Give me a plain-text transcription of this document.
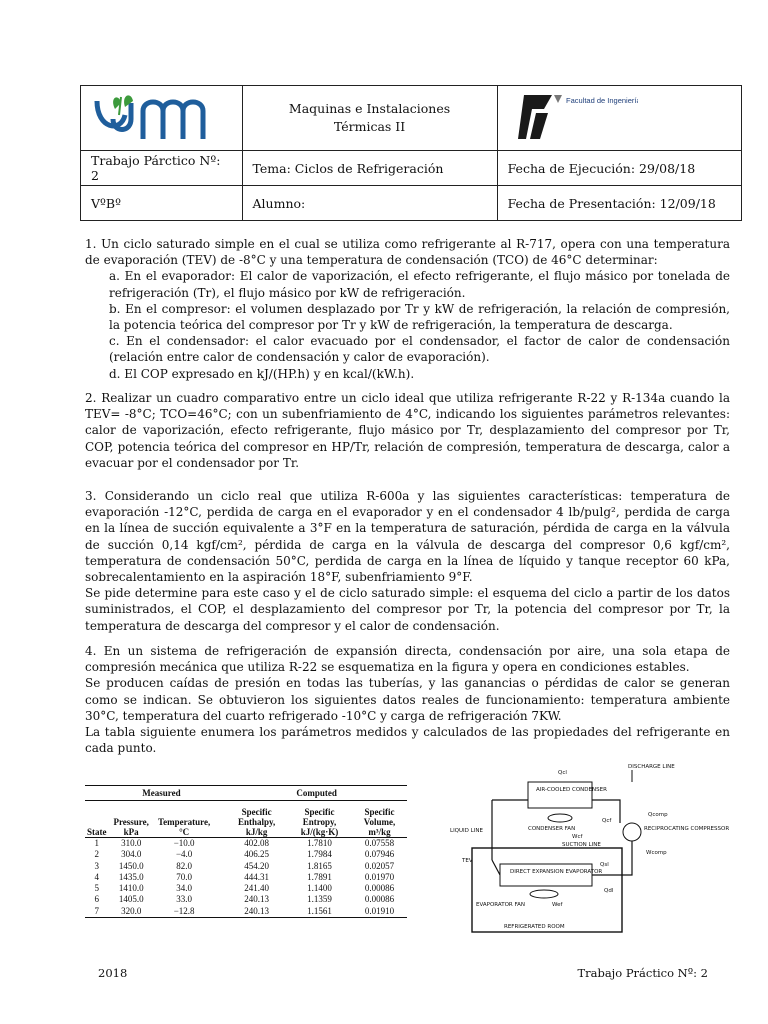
Maquinas e Instalaciones
Térmicas II	Facultad de Ingeniería

Trabajo Párctico Nº: 2	Tema: Ciclos de Refrigeración	Fecha de Ejecución: 29/08/18
VºBº	Alumno:	Fecha de Presentación: 12/09/18

1. Un ciclo saturado simple en el cual se utiliza como refrigerante al R-717, opera con una temperatura de evaporación (TEV) de -8°C y una temperatura de condensación (TCO) de 46°C determinar:

a. En el evaporador: El calor de vaporización, el efecto refrigerante, el flujo másico por tonelada de refrigeración (Tr), el flujo másico por kW de refrigeración.

b. En el compresor: el volumen desplazado por Tr y kW de refrigeración, la relación de compresión, la potencia teórica del compresor por Tr y kW de refrigeración, la temperatura de descarga.

c. En el condensador: el calor evacuado por el condensador, el factor de calor de condensación (relación entre calor de condensación y calor de evaporación).

d. El COP expresado en kJ/(HP.h) y en kcal/(kW.h).

2. Realizar un cuadro comparativo entre un ciclo ideal que utiliza refrigerante R-22 y R-134a cuando la TEV= -8°C; TCO=46°C; con un subenfriamiento de 4°C, indicando los siguientes parámetros relevantes: calor de vaporización, efecto refrigerante, flujo másico por Tr, desplazamiento del compresor por Tr, COP, potencia teórica del compresor en HP/Tr, relación de compresión, temperatura de descarga, calor a evacuar por el condensador por Tr.

3. Considerando un ciclo real que utiliza R-600a y las siguientes características: temperatura de evaporación -12°C, perdida de carga en el evaporador y en el condensador 4 lb/pulg², perdida de carga en la línea de succión equivalente a 3°F en la temperatura de saturación, pérdida de carga en la válvula de succión 0,14 kgf/cm², pérdida de carga en la válvula de descarga del compresor 0,6 kgf/cm², temperatura de condensación 50°C, perdida de carga en la línea de líquido y tanque receptor 60 kPa, sobrecalentamiento en la aspiración 18°F, subenfriamiento 9°F.

Se pide determine para este caso y el de ciclo saturado simple: el esquema del ciclo a partir de los datos suministrados, el COP, el desplazamiento del compresor por Tr, la potencia del compresor por Tr, la temperatura de descarga del compresor y el calor de condensación.

4. En un sistema de refrigeración de expansión directa, condensación por aire, una sola etapa de compresión mecánica que utiliza R-22 se esquematiza en la figura y opera en condiciones estables.

Se producen caídas de presión en todas las tuberías, y las ganancias o pérdidas de calor se generan como se indican. Se obtuvieron los siguientes datos reales de funcionamiento: temperatura ambiente 30°C, temperatura del cuarto refrigerado -10°C y carga de refrigeración 7KW.

La tabla siguiente enumera los parámetros medidos y calculados de las propiedades del refrigerante en cada punto.

	Measured			Computed		
State	Pressure, kPa	Temperature, °C		Specific Enthalpy, kJ/kg	Specific Entropy, kJ/(kg·K)	Specific Volume, m³/kg
1	310.0	−10.0		402.08	1.7810	0.07558
2	304.0	−4.0		406.25	1.7984	0.07946
3	1450.0	82.0		454.20	1.8165	0.02057
4	1435.0	70.0		444.31	1.7891	0.01970
5	1410.0	34.0		241.40	1.1400	0.00086
6	1405.0	33.0		240.13	1.1359	0.00086
7	320.0	−12.8		240.13	1.1561	0.01910
REFRIGERATED ROOM
AIR-COOLED CONDENSER
CONDENSER FAN
DIRECT EXPANSION EVAPORATOR
EVAPORATOR FAN
RECIPROCATING COMPRESSOR
DISCHARGE LINE
LIQUID LINE
SUCTION LINE
TEV
Qcl
Qcf
Qcomp
Wcomp
Wcf
Wef
Qsl
Qdl
2018	Trabajo Práctico Nº: 2
